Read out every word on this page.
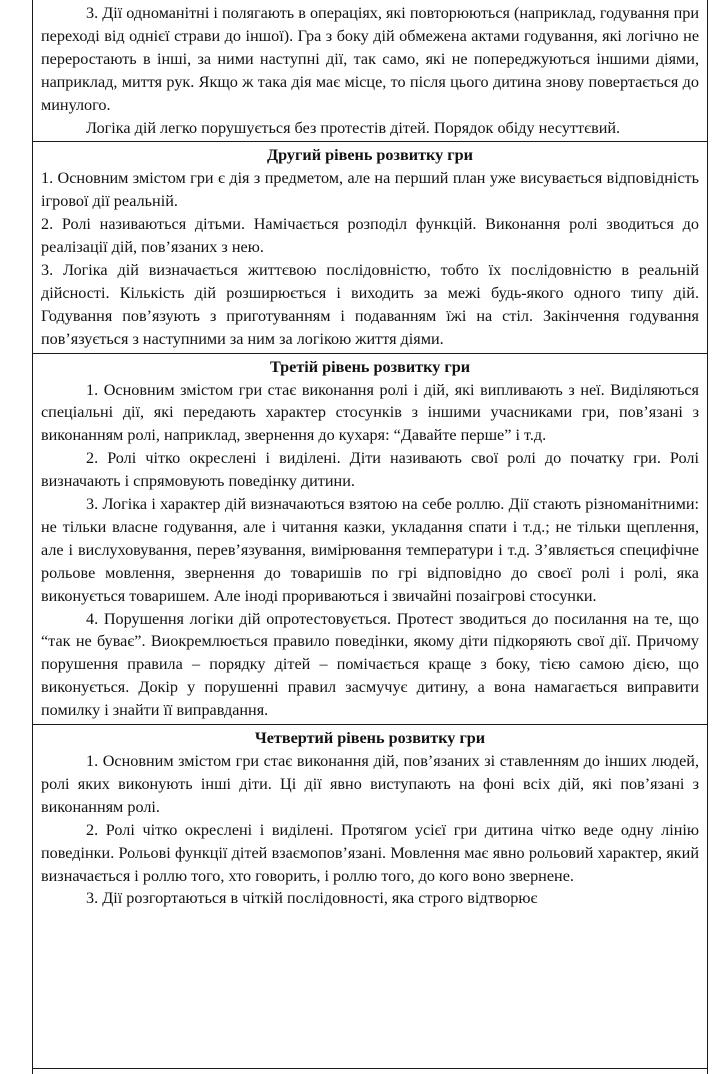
3. Дії одноманітні і полягають в операціях, які повторюються (наприклад, годування при переході від однієї страви до іншої). Гра з боку дій обмежена актами годування, які логічно не переростають в інші, за ними наступні дії, так само, які не попереджуються іншими діями, наприклад, миття рук. Якщо ж така дія має місце, то після цього дитина знову повертається до минулого.

Логіка дій легко порушується без протестів дітей. Порядок обіду несуттєвий.

Другий рівень розвитку гри

1. Основним змістом гри є дія з предметом, але на перший план уже висувається відповідність ігрової дії реальній.

2. Ролі називаються дітьми. Намічається розподіл функцій. Виконання ролі зводиться до реалізації дій, пов’язаних з нею.

3. Логіка дій визначається життєвою послідовністю, тобто їх послідовністю в реальній дійсності. Кількість дій розширюється і виходить за межі будь-якого одного типу дій. Годування пов’язують з приготуванням і подаванням їжі на стіл. Закінчення годування пов’язується з наступними за ним за логікою життя діями.

Третій рівень розвитку гри

1. Основним змістом гри стає виконання ролі і дій, які випливають з неї. Виділяються спеціальні дії, які передають характер стосунків з іншими учасниками гри, пов’язані з виконанням ролі, наприклад, звернення до кухаря: “Давайте перше” і т.д.

2. Ролі чітко окреслені і виділені. Діти називають свої ролі до початку гри. Ролі визначають і спрямовують поведінку дитини.

3. Логіка і характер дій визначаються взятою на себе роллю. Дії стають різноманітними: не тільки власне годування, але і читання казки, укладання спати і т.д.; не тільки щеплення, але і вислуховування, перев’язування, вимірювання температури і т.д. З’являється специфічне рольове мовлення, звернення до товаришів по грі відповідно до своєї ролі і ролі, яка виконується товаришем. Але іноді прориваються і звичайні позаігрові стосунки.

4. Порушення логіки дій опротестовується. Протест зводиться до посилання на те, що “так не буває”. Виокремлюється правило поведінки, якому діти підкоряють свої дії. Причому порушення правила – порядку дітей – помічається краще з боку, тією самою дією, що виконується. Докір у порушенні правил засмучує дитину, а вона намагається виправити помилку і знайти її виправдання.

Четвертий рівень розвитку гри

1. Основним змістом гри стає виконання дій, пов’язаних зі ставленням до інших людей, ролі яких виконують інші діти. Ці дії явно виступають на фоні всіх дій, які пов’язані з виконанням ролі.

2. Ролі чітко окреслені і виділені. Протягом усієї гри дитина чітко веде одну лінію поведінки. Рольові функції дітей взаємопов’язані. Мовлення має явно рольовий характер, який визначається і роллю того, хто говорить, і роллю того, до кого воно звернене.

3. Дії розгортаються в чіткій послідовності, яка строго відтворює
